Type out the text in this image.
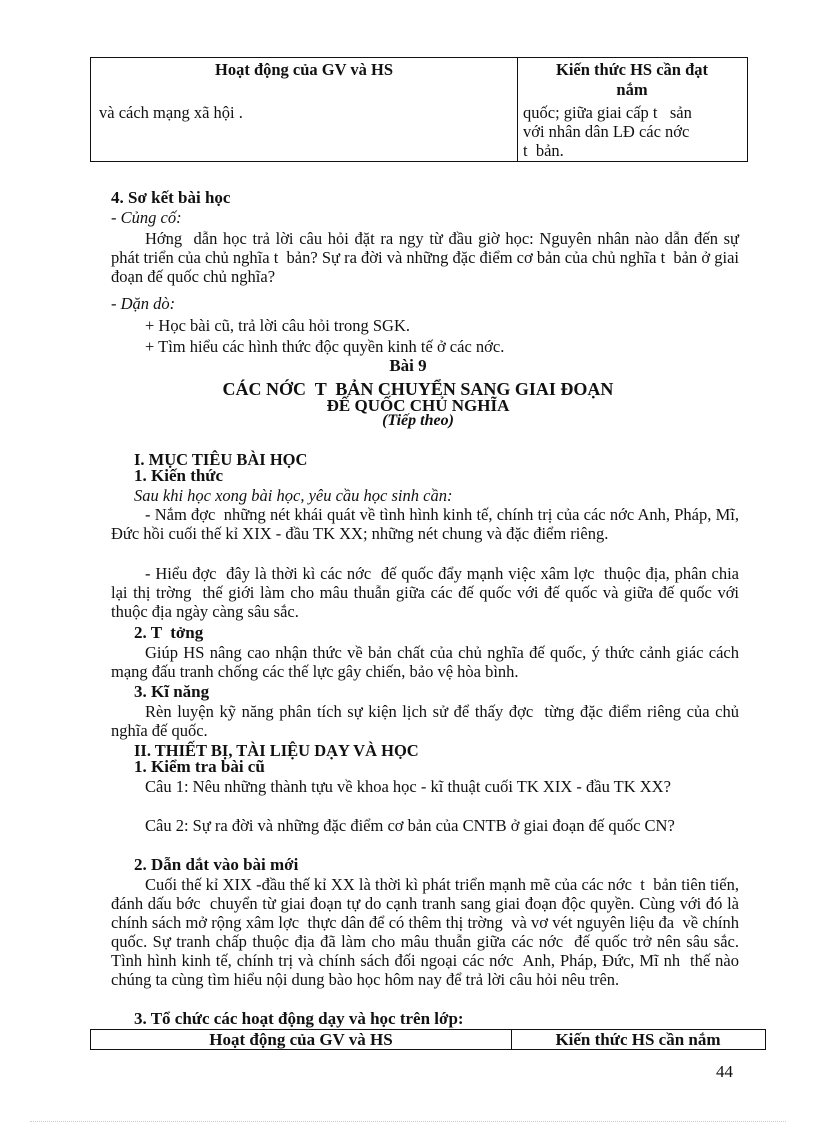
Hoạt động của GV và HS	Kiến thức HS cần đạt
nắm
và cách mạng xã hội .	quốc; giữa giai cấp t   sản
với nhân dân LĐ các nớc
t  bản.
4. Sơ kết bài học
- Củng cố:
Hớng  dẫn học trả lời câu hỏi đặt ra ngy từ đầu giờ học: Nguyên nhân nào dẫn đến sự phát triển của chủ nghĩa t  bản? Sự ra đời và những đặc điểm cơ bản của chủ nghĩa t  bản ở giai đoạn đế quốc chủ nghĩa?
- Dặn dò:
+ Học bài cũ, trả lời câu hỏi trong SGK.
+ Tìm hiểu các hình thức độc quyền kinh tế ở các nớc.
Bài 9
CÁC NỚC  T  BẢN CHUYỂN SANG GIAI ĐOẠN
ĐẾ QUỐC CHỦ NGHĨA
(Tiếp theo)
I. MỤC TIÊU BÀI HỌC
1. Kiến thức
Sau khi học xong bài học, yêu cầu học sinh cần:
- Nắm đợc  những nét khái quát về tình hình kinh tế, chính trị của các nớc Anh, Pháp, Mĩ, Đức hồi cuối thế kỉ XIX - đầu TK XX; những nét chung và đặc điểm riêng.
- Hiểu đợc  đây là thời kì các nớc  đế quốc đẩy mạnh việc xâm lợc  thuộc địa, phân chia lại thị trờng  thế giới làm cho mâu thuẫn giữa các đế quốc với đế quốc và giữa đế quốc với thuộc địa ngày càng sâu sắc.
2. T  tởng
Giúp HS nâng cao nhận thức về bản chất của chủ nghĩa đế quốc, ý thức cảnh giác cách mạng đấu tranh chống các thế lực gây chiến, bảo vệ hòa bình.
3. Kĩ năng
Rèn luyện kỹ năng phân tích sự kiện lịch sử để thấy đợc  từng đặc điểm riêng của chủ nghĩa đế quốc.
II. THIẾT BỊ, TÀI LIỆU DẠY VÀ HỌC
1. Kiểm tra bài cũ
Câu 1: Nêu những thành tựu về khoa học - kĩ thuật cuối TK XIX - đầu TK XX?
Câu 2: Sự ra đời và những đặc điểm cơ bản của CNTB ở giai đoạn đế quốc CN?
2. Dẫn dắt vào bài mới
Cuối thế kỉ XIX -đầu thế kỉ XX là thời kì phát triển mạnh mẽ của các nớc  t  bản tiên tiến, đánh dấu bớc  chuyển từ giai đoạn tự do cạnh tranh sang giai đoạn độc quyền. Cùng với đó là chính sách mở rộng xâm lợc  thực dân để có thêm thị trờng  và vơ vét nguyên liệu đa  về chính quốc. Sự tranh chấp thuộc địa đã làm cho mâu thuẫn giữa các nớc  đế quốc trở nên sâu sắc. Tình hình kinh tế, chính trị và chính sách đối ngoại các nớc  Anh, Pháp, Đức, Mĩ nh  thế nào chúng ta cùng tìm hiểu nội dung bào học hôm nay để trả lời câu hỏi nêu trên.
3. Tổ chức các hoạt động dạy và học trên lớp:
Hoạt động của GV và HS	Kiến thức HS cần nắm
44
